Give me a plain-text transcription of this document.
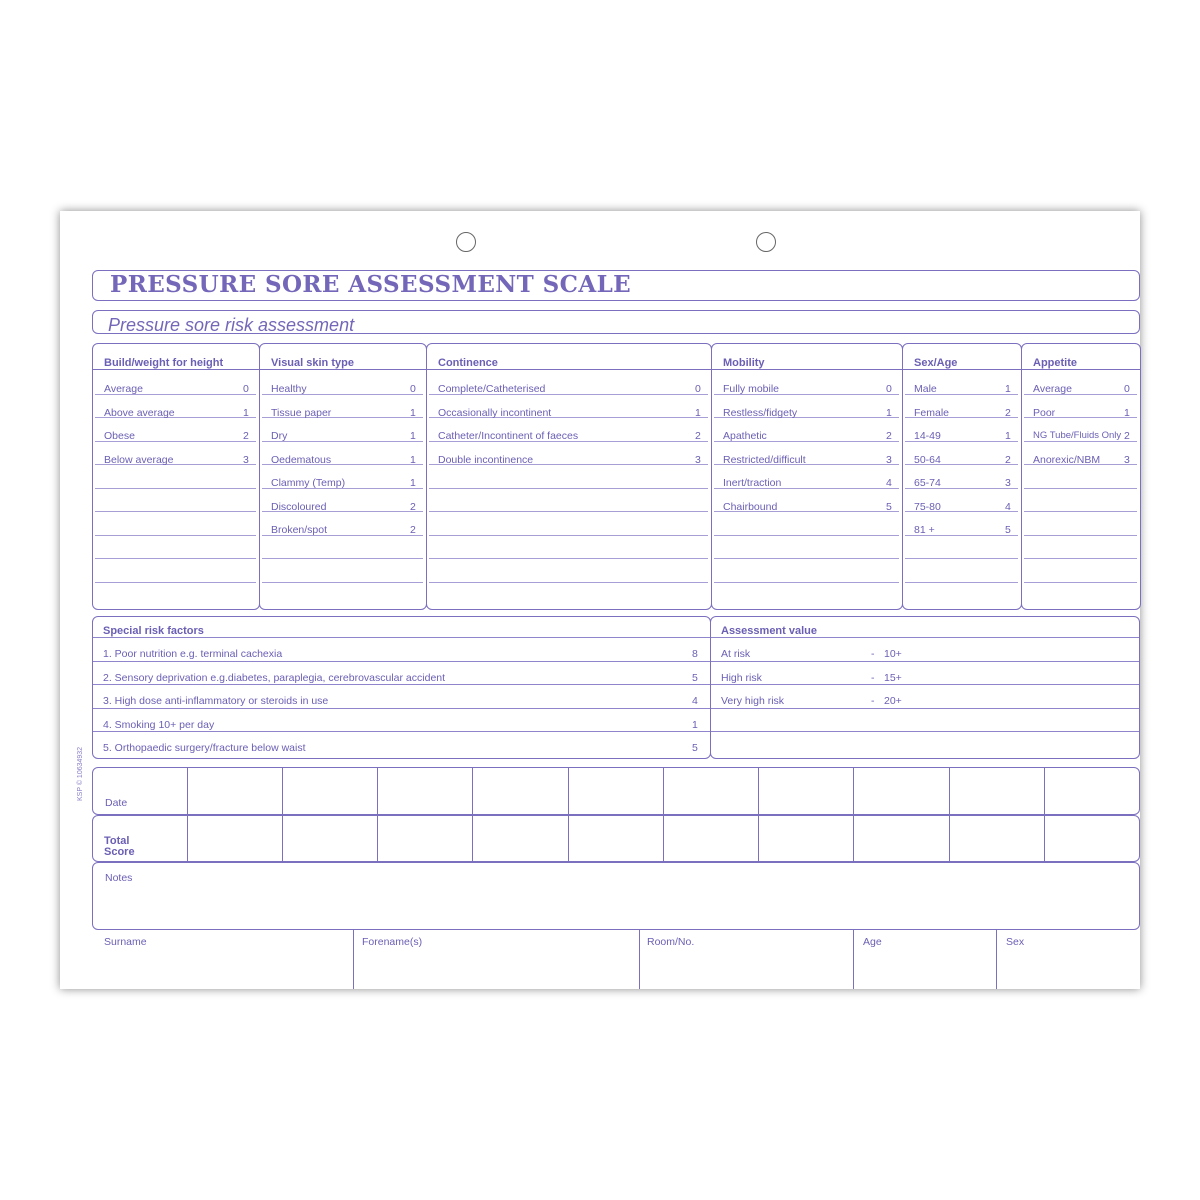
PRESSURE SORE ASSESSMENT SCALE
Pressure sore risk assessment
Build/weight for height
Average	0
Above average	1
Obese	2
Below average	3
Visual skin type
Healthy	0
Tissue paper	1
Dry	1
Oedematous	1
Clammy (Temp)	1
Discoloured	2
Broken/spot	2
Continence
Complete/Catheterised	0
Occasionally incontinent	1
Catheter/Incontinent of faeces	2
Double incontinence	3
Mobility
Fully mobile	0
Restless/fidgety	1
Apathetic	2
Restricted/difficult	3
Inert/traction	4
Chairbound	5
Sex/Age
Male	1
Female	2
14-49	1
50-64	2
65-74	3
75-80	4
81 +	5
Appetite
Average	0
Poor	1
NG Tube/Fluids Only 2
Anorexic/NBM 3
Special risk factors
1. Poor nutrition e.g. terminal cachexia	8
2. Sensory deprivation e.g.diabetes, paraplegia, cerebrovascular accident	5
3. High dose anti-inflammatory or steroids in use	4
4. Smoking 10+ per day	1
5. Orthopaedic surgery/fracture below waist	5
Assessment value
At risk	- 10+
High risk	- 15+
Very high risk	- 20+
Date
Total
Score
Notes
Surname	Forename(s)	Room/No.	Age	Sex
KSP © 10634932
